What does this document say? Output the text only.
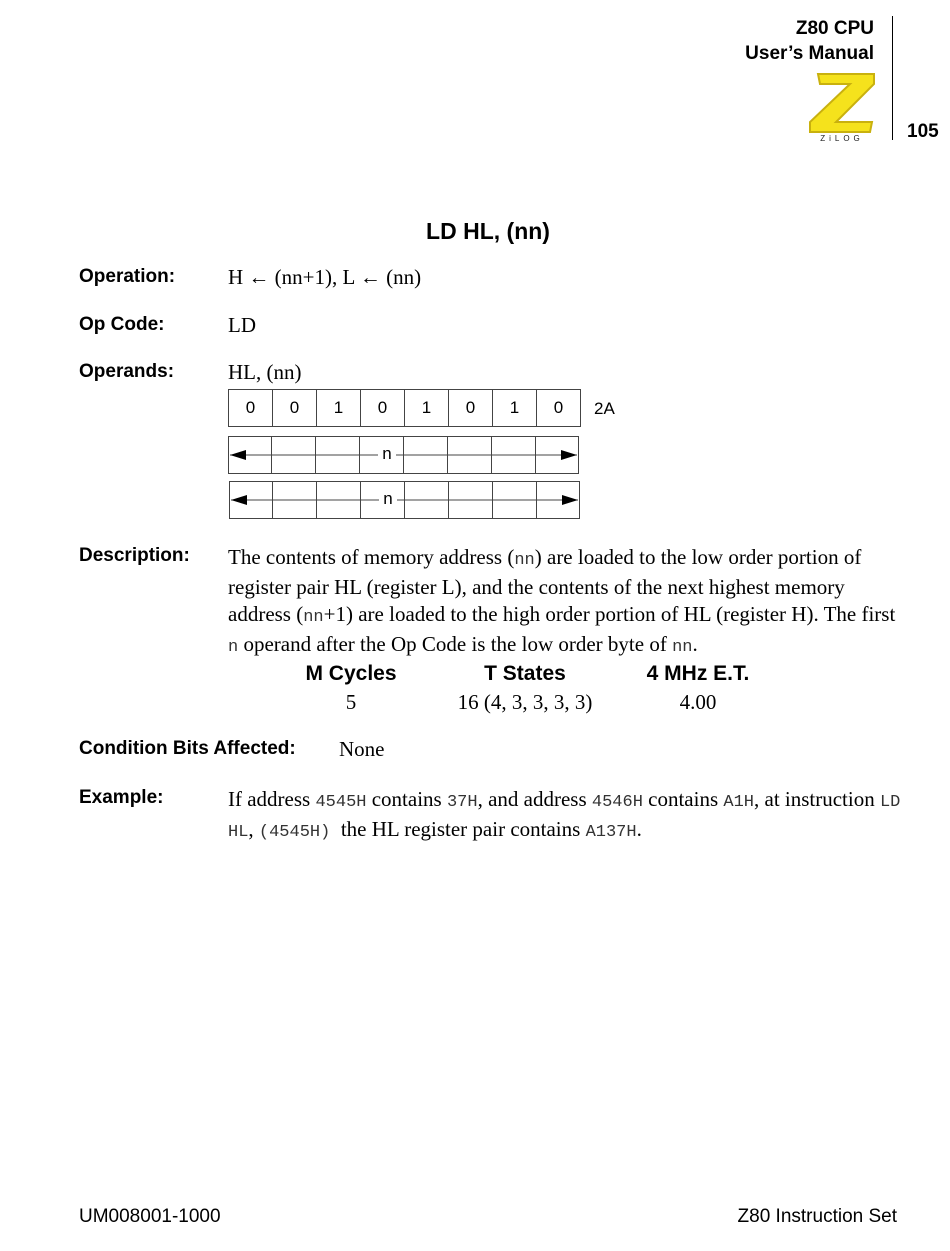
Z80 CPU
User’s Manual
105
ZiLOG
LD HL, (nn)
Operation:	H ← (nn+1), L ← (nn)
Op Code:	LD
Operands:	HL, (nn)
0	0	1	0	1	0	1	0 2A
n
n
Description: The contents of memory address (nn) are loaded to the low order portion of register pair HL (register L), and the contents of the next highest memory address (nn+1) are loaded to the high order portion of HL (register H). The first n operand after the Op Code is the low order byte of nn.
M Cycles	T States	4 MHz E.T.
5	16 (4, 3, 3, 3, 3)	4.00
Condition Bits Affected: None
Example:	If address 4545H contains 37H, and address 4546H contains A1H, at instruction LD HL, (4545H)  the HL register pair contains A137H.
UM008001-1000	Z80 Instruction Set
